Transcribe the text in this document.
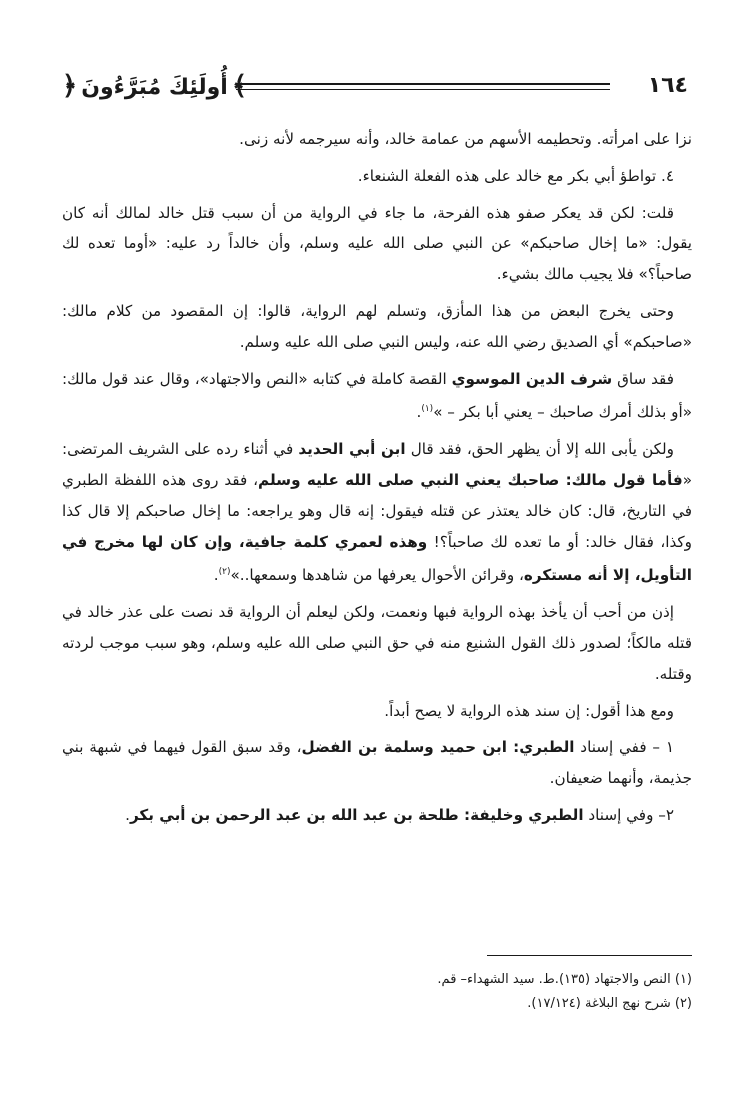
﴾أُولَئِكَ مُبَرَّءُونَ﴿	١٦٤

نزا على امرأته. وتحطيمه الأسهم من عمامة خالد، وأنه سيرجمه لأنه زنى.

٤. تواطؤ أبي بكر مع خالد على هذه الفعلة الشنعاء.

قلت: لكن قد يعكر صفو هذه الفرحة، ما جاء في الرواية من أن سبب قتل خالد لمالك أنه كان يقول: «ما إخال صاحبكم» عن النبي صلى الله عليه وسلم، وأن خالداً رد عليه: «أوما تعده لك صاحباً؟» فلا يجيب مالك بشيء.

وحتى يخرج البعض من هذا المأزق، وتسلم لهم الرواية، قالوا: إن المقصود من كلام مالك: «صاحبكم» أي الصديق رضي الله عنه، وليس النبي صلى الله عليه وسلم.

فقد ساق شرف الدين الموسوي القصة كاملة في كتابه «النص والاجتهاد»، وقال عند قول مالك: «أو بذلك أمرك صاحبك – يعني أبا بكر – »$^{(١)}$.

ولكن يأبى الله إلا أن يظهر الحق، فقد قال ابن أبي الحديد في أثناء رده على الشريف المرتضى: «فأما قول مالك: صاحبك يعني النبي صلى الله عليه وسلم، فقد روى هذه اللفظة الطبري في التاريخ، قال: كان خالد يعتذر عن قتله فيقول: إنه قال وهو يراجعه: ما إخال صاحبكم إلا قال كذا وكذا، فقال خالد: أو ما تعده لك صاحباً؟! وهذه لعمري كلمة جافية، وإن كان لها مخرج في التأويل، إلا أنه مستكره، وقرائن الأحوال يعرفها من شاهدها وسمعها..»$^{(٢)}$.

إذن من أحب أن يأخذ بهذه الرواية فبها ونعمت، ولكن ليعلم أن الرواية قد نصت على عذر خالد في قتله مالكاً؛ لصدور ذلك القول الشنيع منه في حق النبي صلى الله عليه وسلم، وهو سبب موجب لردته وقتله.

ومع هذا أقول: إن سند هذه الرواية لا يصح أبداً.

١ – ففي إسناد الطبري: ابن حميد وسلمة بن الفضل، وقد سبق القول فيهما في شبهة بني جذيمة، وأنهما ضعيفان.

٢– وفي إسناد الطبري وخليفة: طلحة بن عبد الله بن عبد الرحمن بن أبي بكر.

(١) النص والاجتهاد (١٣٥).ط. سيد الشهداء– قم.

(٢) شرح نهج البلاغة (١٧/١٢٤).
